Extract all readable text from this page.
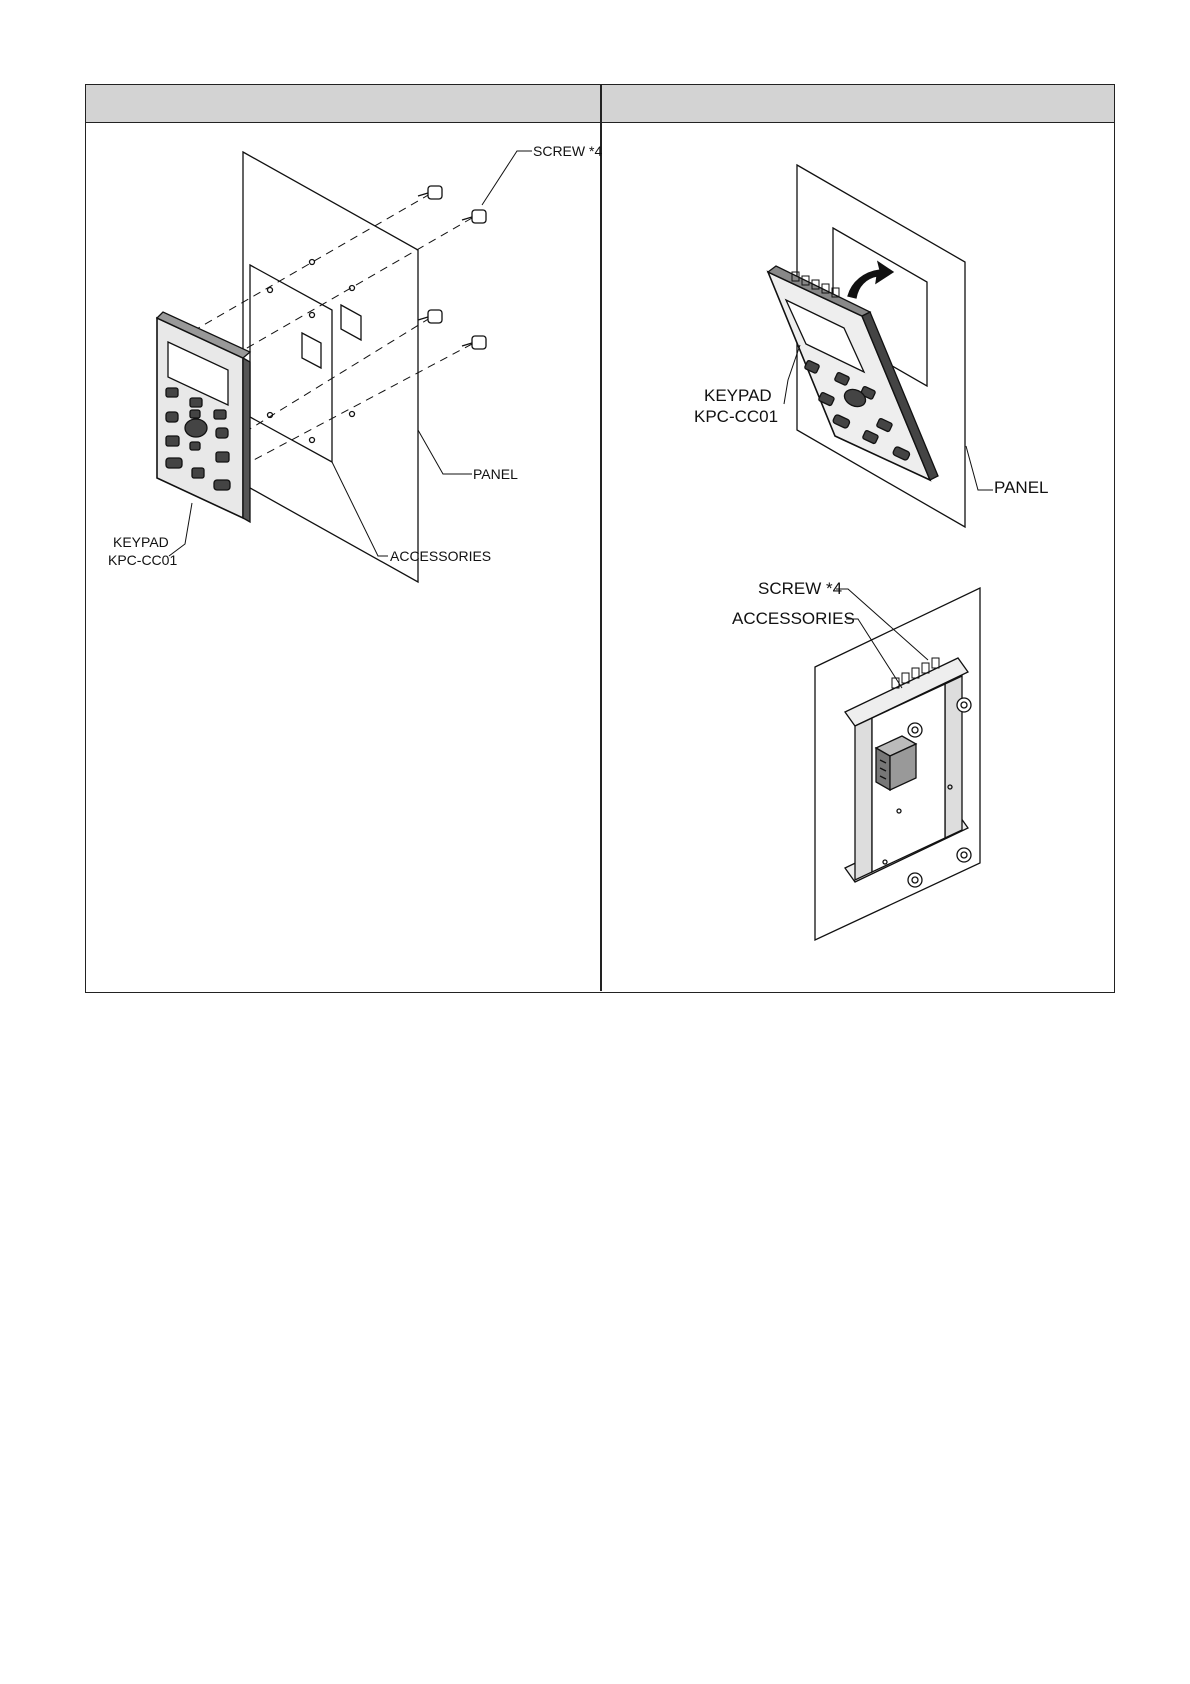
SCREW *4
PANEL
ACCESSORIES
KEYPAD
KPC-CC01
KEYPAD
KPC-CC01
PANEL
SCREW *4
ACCESSORIES
